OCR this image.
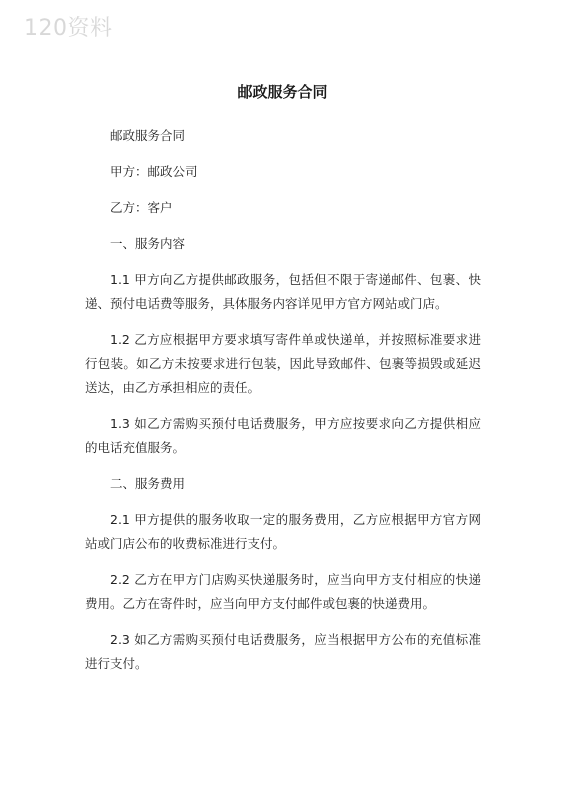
120资料
邮政服务合同

邮政服务合同

甲方：邮政公司

乙方：客户

一、服务内容

1.1 甲方向乙方提供邮政服务，包括但不限于寄递邮件、包裹、快递、预付电话费等服务，具体服务内容详见甲方官方网站或门店。

1.2 乙方应根据甲方要求填写寄件单或快递单，并按照标准要求进行包装。如乙方未按要求进行包装，因此导致邮件、包裹等损毁或延迟送达，由乙方承担相应的责任。

1.3 如乙方需购买预付电话费服务，甲方应按要求向乙方提供相应的电话充值服务。

二、服务费用

2.1 甲方提供的服务收取一定的服务费用，乙方应根据甲方官方网站或门店公布的收费标准进行支付。

2.2 乙方在甲方门店购买快递服务时，应当向甲方支付相应的快递费用。乙方在寄件时，应当向甲方支付邮件或包裹的快递费用。

2.3 如乙方需购买预付电话费服务，应当根据甲方公布的充值标准进行支付。
